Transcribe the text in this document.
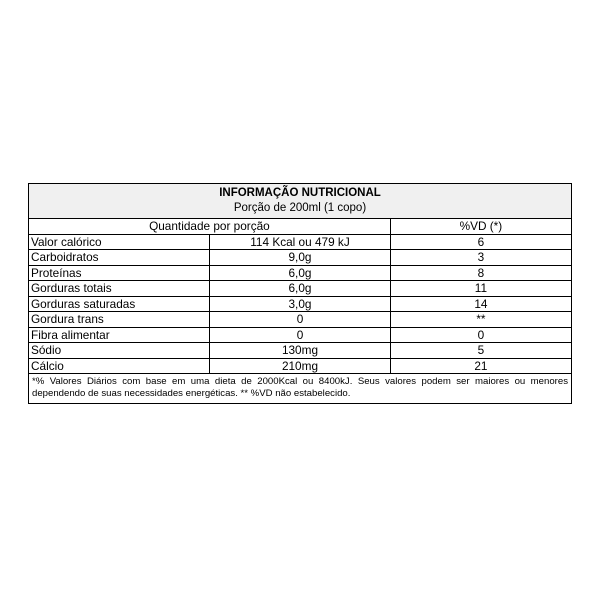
INFORMAÇÃO NUTRICIONAL
Porção de 200ml (1 copo)
Quantidade por porção		%VD (*)
Valor calórico	114 Kcal ou 479 kJ	6
Carboidratos	9,0g	3
Proteínas	6,0g	8
Gorduras totais	6,0g	11
Gorduras saturadas	3,0g	14
Gordura trans	0	**
Fibra alimentar	0	0
Sódio	130mg	5
Cálcio	210mg	21
*% Valores Diários com base em uma dieta de 2000Kcal ou 8400kJ. Seus valores podem ser maiores ou menores dependendo de suas necessidades energéticas. ** %VD não estabelecido.
